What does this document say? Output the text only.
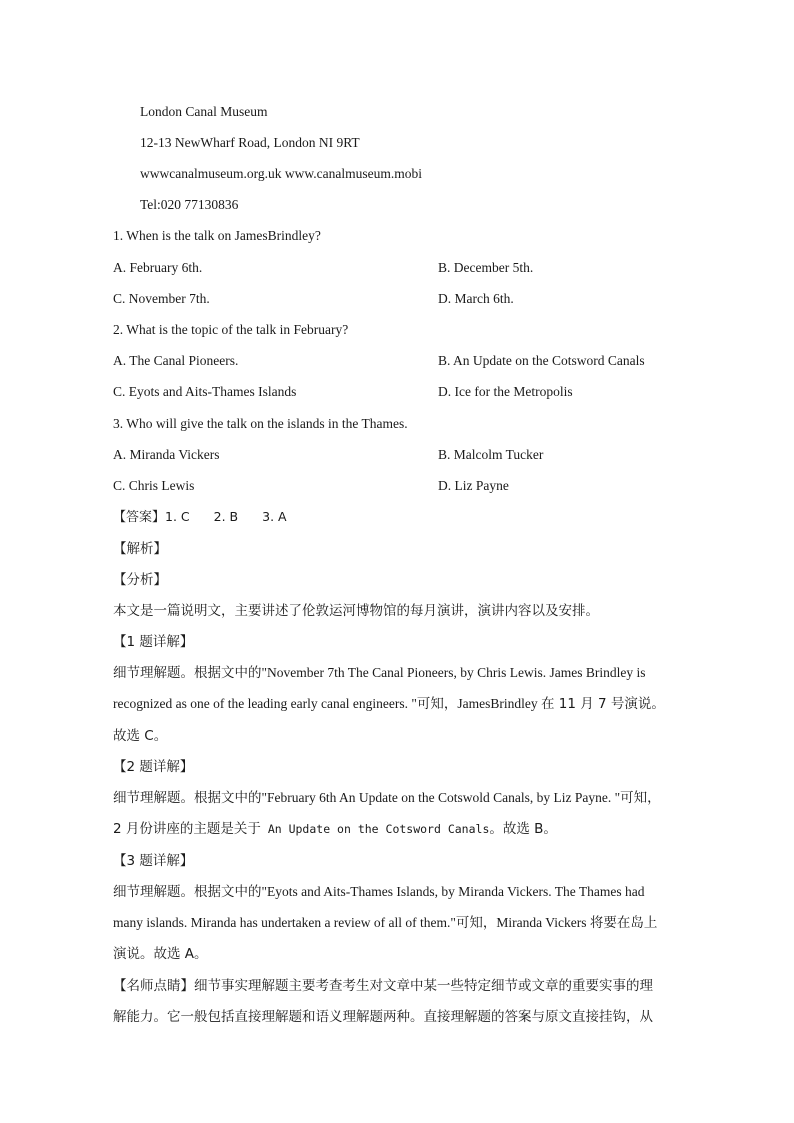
London Canal Museum
12-13 NewWharf Road, London NI 9RT
wwwcanalmuseum.org.uk www.canalmuseum.mobi
Tel:020 77130836
1. When is the talk on JamesBrindley?
A. February 6th.	B. December 5th.
C. November 7th.	D. March 6th.
2. What is the topic of the talk in February?
A. The Canal Pioneers.	B. An Update on the Cotsword Canals
C. Eyots and Aits-Thames Islands	D. Ice for the Metropolis
3. Who will give the talk on the islands in the Thames.
A. Miranda Vickers	B. Malcolm Tucker
C. Chris Lewis	D. Liz Payne
【答案】1. C 2. B 3. A
【解析】
【分析】
本文是一篇说明文，主要讲述了伦敦运河博物馆的每月演讲，演讲内容以及安排。
【1 题详解】
细节理解题。根据文中的"November 7th The Canal Pioneers, by Chris Lewis. James Brindley is
recognized as one of the leading early canal engineers. "可知，JamesBrindley 在 11 月 7 号演说。
故选 C。
【2 题详解】
细节理解题。根据文中的"February 6th An Update on the Cotswold Canals, by Liz Payne. "可知，
2 月份讲座的主题是关于 An Update on the Cotsword Canals。故选 B。
【3 题详解】
细节理解题。根据文中的"Eyots and Aits-Thames Islands, by Miranda Vickers. The Thames had
many islands. Miranda has undertaken a review of all of them."可知，Miranda Vickers 将要在岛上
演说。故选 A。
【名师点睛】细节事实理解题主要考查考生对文章中某一些特定细节或文章的重要实事的理
解能力。它一般包括直接理解题和语义理解题两种。直接理解题的答案与原文直接挂钩，从
